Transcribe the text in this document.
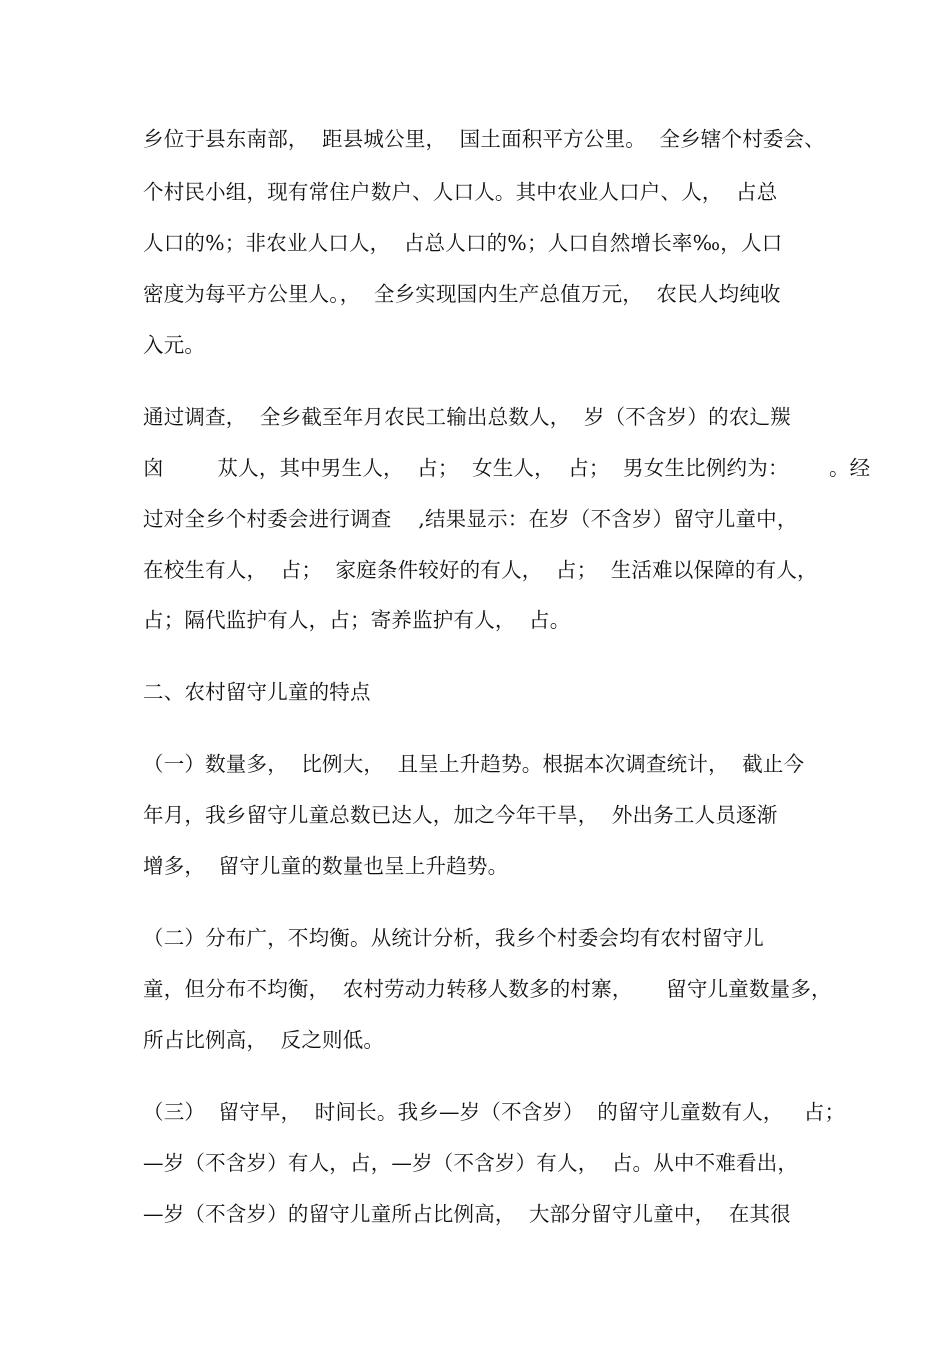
乡位于县东南部，  距县城公里，  国土面积平方公里。  全乡辖个村委会、
个村民小组，现有常住户数户、人口人。其中农业人口户、人，  占总
人口的%；非农业人口人，  占总人口的%；人口自然增长率‰，人口
密度为每平方公里人。，  全乡实现国内生产总值万元，  农民人均纯收
入元。
通过调查，  全乡截至年月农民工输出总数人，  岁（不含岁）的农辶羰
囟        苁人，其中男生人，  占；  女生人，  占；  男女生比例约为：      。经
过对全乡个村委会进行调查    ,结果显示：在岁（不含岁）留守儿童中，
在校生有人，  占；  家庭条件较好的有人，  占；  生活难以保障的有人，
占；隔代监护有人，占；寄养监护有人，  占。
二、农村留守儿童的特点
（一）数量多，  比例大，  且呈上升趋势。根据本次调查统计，  截止今
年月，我乡留守儿童总数已达人，加之今年干旱，  外出务工人员逐渐
增多，  留守儿童的数量也呈上升趋势。
（二）分布广，不均衡。从统计分析，我乡个村委会均有农村留守儿
童，但分布不均衡，  农村劳动力转移人数多的村寨，     留守儿童数量多，
所占比例高，  反之则低。
（三）  留守早，  时间长。我乡—岁（不含岁）  的留守儿童数有人，   占；
—岁（不含岁）有人，占，—岁（不含岁）有人，  占。从中不难看出，
—岁（不含岁）的留守儿童所占比例高，  大部分留守儿童中，  在其很
